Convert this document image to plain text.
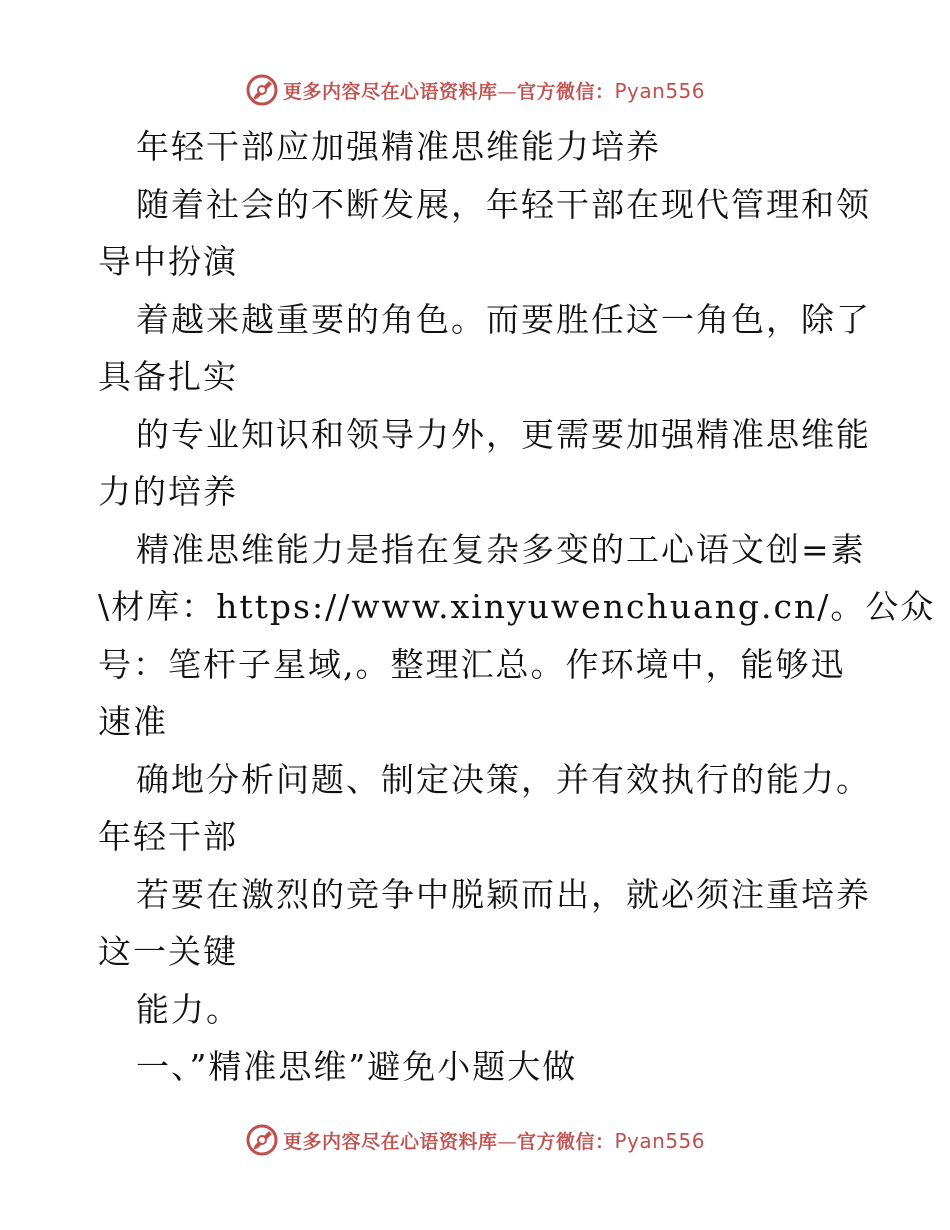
更多内容尽在心语资料库—官方微信：Pyan556
年轻干部应加强精准思维能力培养
随着社会的不断发展，年轻干部在现代管理和领
导中扮演
着越来越重要的角色。而要胜任这一角色，除了
具备扎实
的专业知识和领导力外，更需要加强精准思维能
力的培养
精准思维能力是指在复杂多变的工心语文创=素
\材库：https://www.xinyuwenchuang.cn/。公众
号：笔杆子星域,。整理汇总。作环境中，能够迅
速准
确地分析问题、制定决策，并有效执行的能力。
年轻干部
若要在激烈的竞争中脱颖而出，就必须注重培养
这一关键
能力。
一、”精准思维”避免小题大做
更多内容尽在心语资料库—官方微信：Pyan556
